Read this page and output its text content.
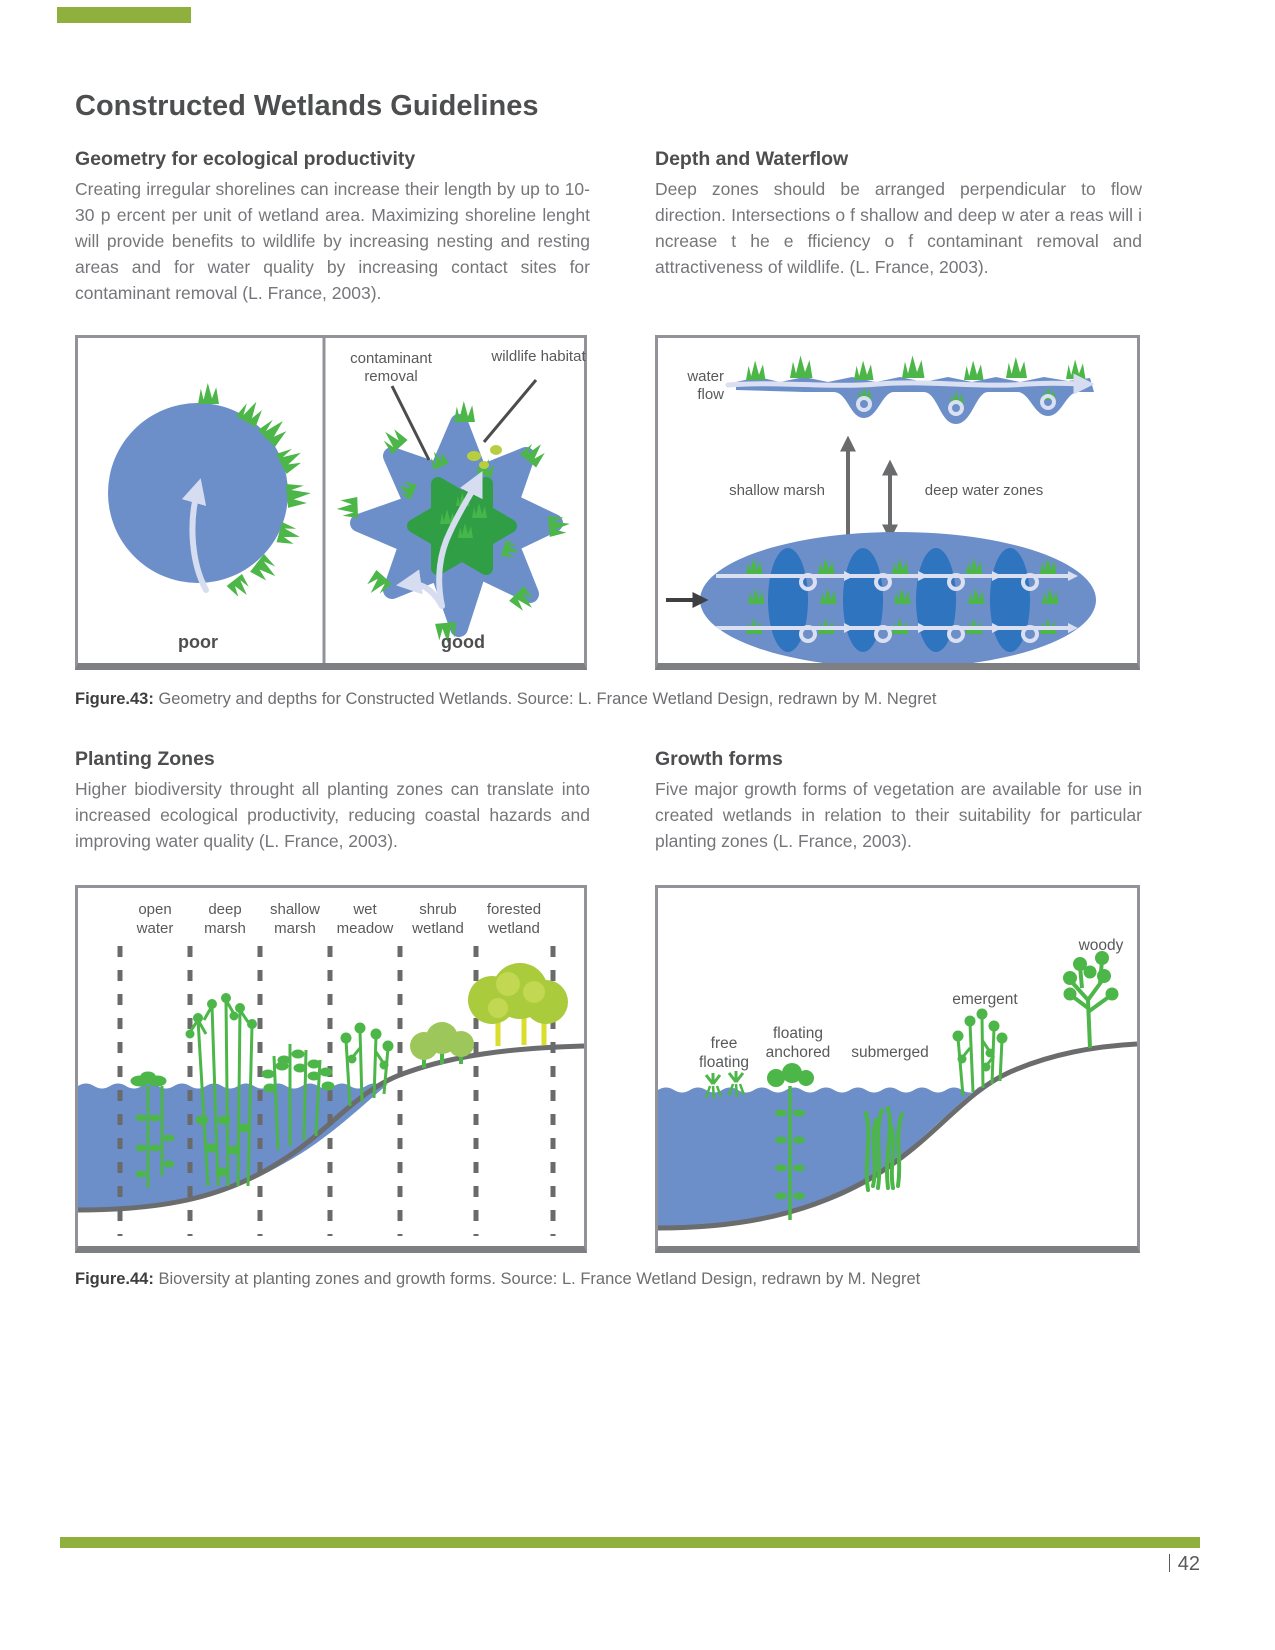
Constructed Wetlands Guidelines
Geometry for ecological productivity
Creating irregular shorelines can increase their length by up to 10-30 p ercent per unit of wetland area. Maximizing shoreline lenght will provide benefits to wildlife by increasing nesting and resting areas and for water quality by increasing contact sites for contaminant removal (L. France, 2003).
Depth and Waterflow
Deep zones should be arranged perpendicular to flow direction. Intersections o f shallow and deep w ater a reas will i ncrease t he e fficiency o f contaminant removal and attractiveness of wildlife. (L. France, 2003).
contaminant removal
wildlife habitat
poor	good
water flow
shallow marsh	deep water zones
Figure.43: Geometry and depths for Constructed Wetlands. Source: L. France Wetland Design, redrawn by M. Negret
Planting Zones
Higher biodiversity throught all planting zones can translate into increased ecological productivity, reducing coastal hazards and improving water quality (L. France, 2003).
Growth forms
Five major growth forms of vegetation are available for use in created wetlands in relation to their suitability for particular planting zones (L. France, 2003).
open water
deep marsh
shallow marsh
wet meadow
shrub wetland
forested wetland
free floating
floating anchored	submerged
emergent
woody
Figure.44: Bioversity at planting zones and growth forms. Source: L. France Wetland Design, redrawn by M. Negret
42
